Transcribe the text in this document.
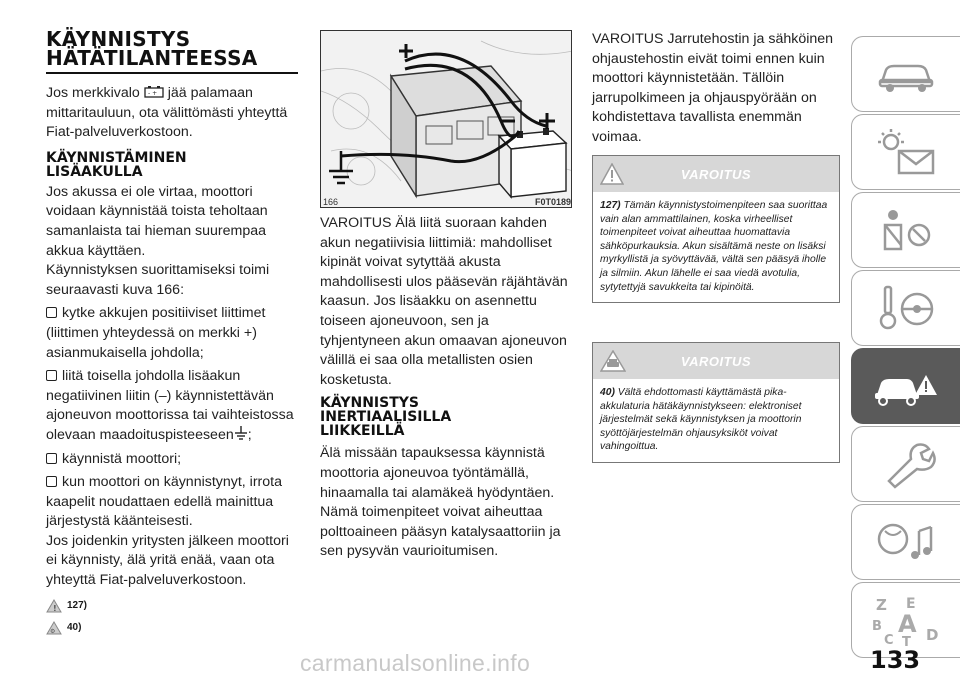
KÄYNNISTYS
HÄTÄTILANTEESSA

Jos merkkivalo - + jää palamaan mittaritauluun, ota välittömästi yhteyttä Fiat-palveluverkostoon.

KÄYNNISTÄMINEN
LISÄAKULLA

Jos akussa ei ole virtaa, moottori voidaan käynnistää toista teholtaan samanlaista tai hieman suurempaa akkua käyttäen.

Käynnistyksen suorittamiseksi toimi seuraavasti kuva 166:

kytke akkujen positiiviset liittimet (liittimen yhteydessä on merkki +) asianmukaisella johdolla;

liitä toisella johdolla lisäakun negatiivinen liitin (–) käynnistettävän ajoneuvon moottorissa tai vaihteistossa olevaan maadoituspisteeseen ;

käynnistä moottori;

kun moottori on käynnistynyt, irrota kaapelit noudattaen edellä mainittua järjestystä käänteisesti.

Jos joidenkin yritysten jälkeen moottori ei käynnisty, älä yritä enää, vaan ota yhteyttä Fiat-palveluverkostoon.

! 127)
⚙ 40)
166	F0T0189

VAROITUS Älä liitä suoraan kahden akun negatiivisia liittimiä: mahdolliset kipinät voivat sytyttää akusta mahdollisesti ulos pääsevän räjähtävän kaasun. Jos lisäakku on asennettu toiseen ajoneuvoon, sen ja tyhjentyneen akun omaavan ajoneuvon välillä ei saa olla metallisten osien kosketusta.

KÄYNNISTYS
INERTIAALISILLA
LIIKKEILLÄ

Älä missään tapauksessa käynnistä moottoria ajoneuvoa työntämällä, hinaamalla tai alamäkeä hyödyntäen. Nämä toimenpiteet voivat aiheuttaa polttoaineen pääsyn katalysaattoriin ja sen pysyvän vaurioitumisen.

VAROITUS Jarrutehostin ja sähköinen ohjaustehostin eivät toimi ennen kuin moottori käynnistetään. Tällöin jarrupolkimeen ja ohjauspyörään on kohdistettava tavallista enemmän voimaa.

VAROITUS
127) Tämän käynnistystoimenpiteen saa suorittaa vain alan ammattilainen, koska virheelliset toimenpiteet voivat aiheuttaa huomattavia sähköpurkauksia. Akun sisältämä neste on lisäksi myrkyllistä ja syövyttävää, vältä sen pääsyä iholle ja silmiin. Akun lähelle ei saa viedä avotulia, sytytettyjä savukkeita tai kipinöitä.
VAROITUS
40) Vältä ehdottomasti käyttämästä pika-akkulaturia hätäkäynnistykseen: elektroniset järjestelmät sekä käynnistyksen ja moottorin syöttöjärjestelmän ohjausyksiköt voivat vahingoittua.
Z E
B A
C T D
133
carmanualsonline.info
